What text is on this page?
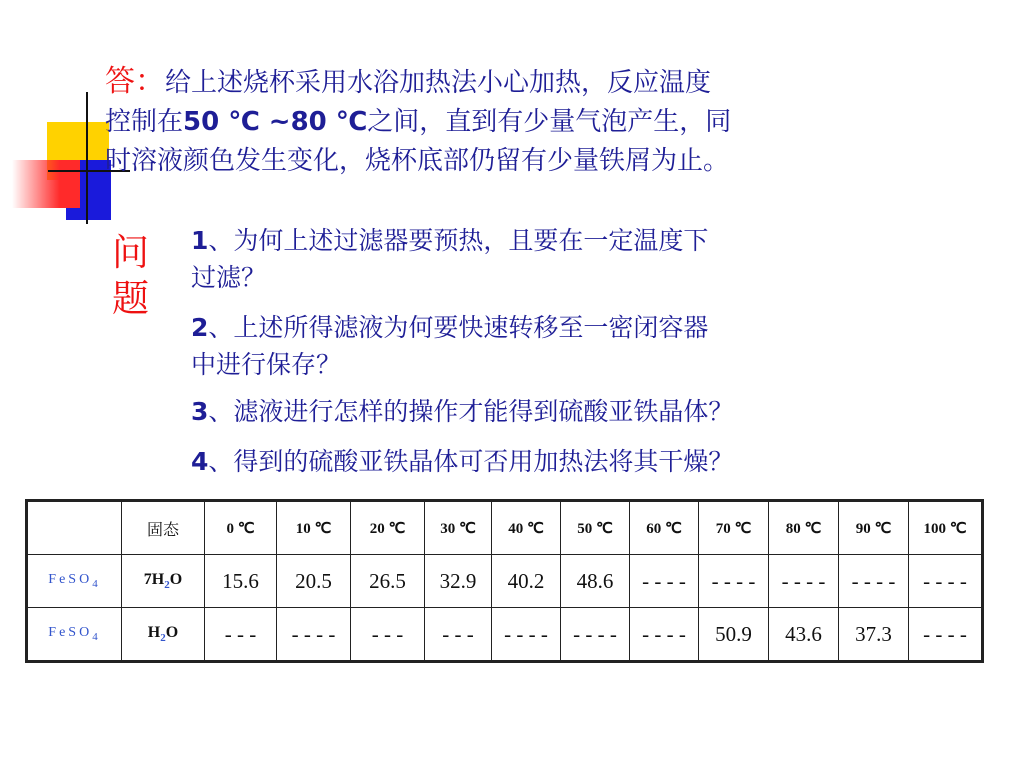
答：给上述烧杯采用水浴加热法小心加热，反应温度
控制在50 ℃ ~80 ℃之间，直到有少量气泡产生，同
时溶液颜色发生变化，烧杯底部仍留有少量铁屑为止。
问题
1、为何上述过滤器要预热，且要在一定温度下
过滤？
2、上述所得滤液为何要快速转移至一密闭容器
中进行保存？
3、滤液进行怎样的操作才能得到硫酸亚铁晶体？
4、得到的硫酸亚铁晶体可否用加热法将其干燥？
	固态	0 ℃	10 ℃	20 ℃	30 ℃	40 ℃	50 ℃	60 ℃	70 ℃	80 ℃	90 ℃	100 ℃
FeSO$_4$	$7H_2O$	15.6	20.5	26.5	32.9	40.2	48.6	- - - -	- - - -	- - - -	- - - -	- - - -
FeSO$_4$	$H_2O$	- - -	- - - -	- - -	- - -	- - - -	- - - -	- - - -	50.9	43.6	37.3	- - - -
